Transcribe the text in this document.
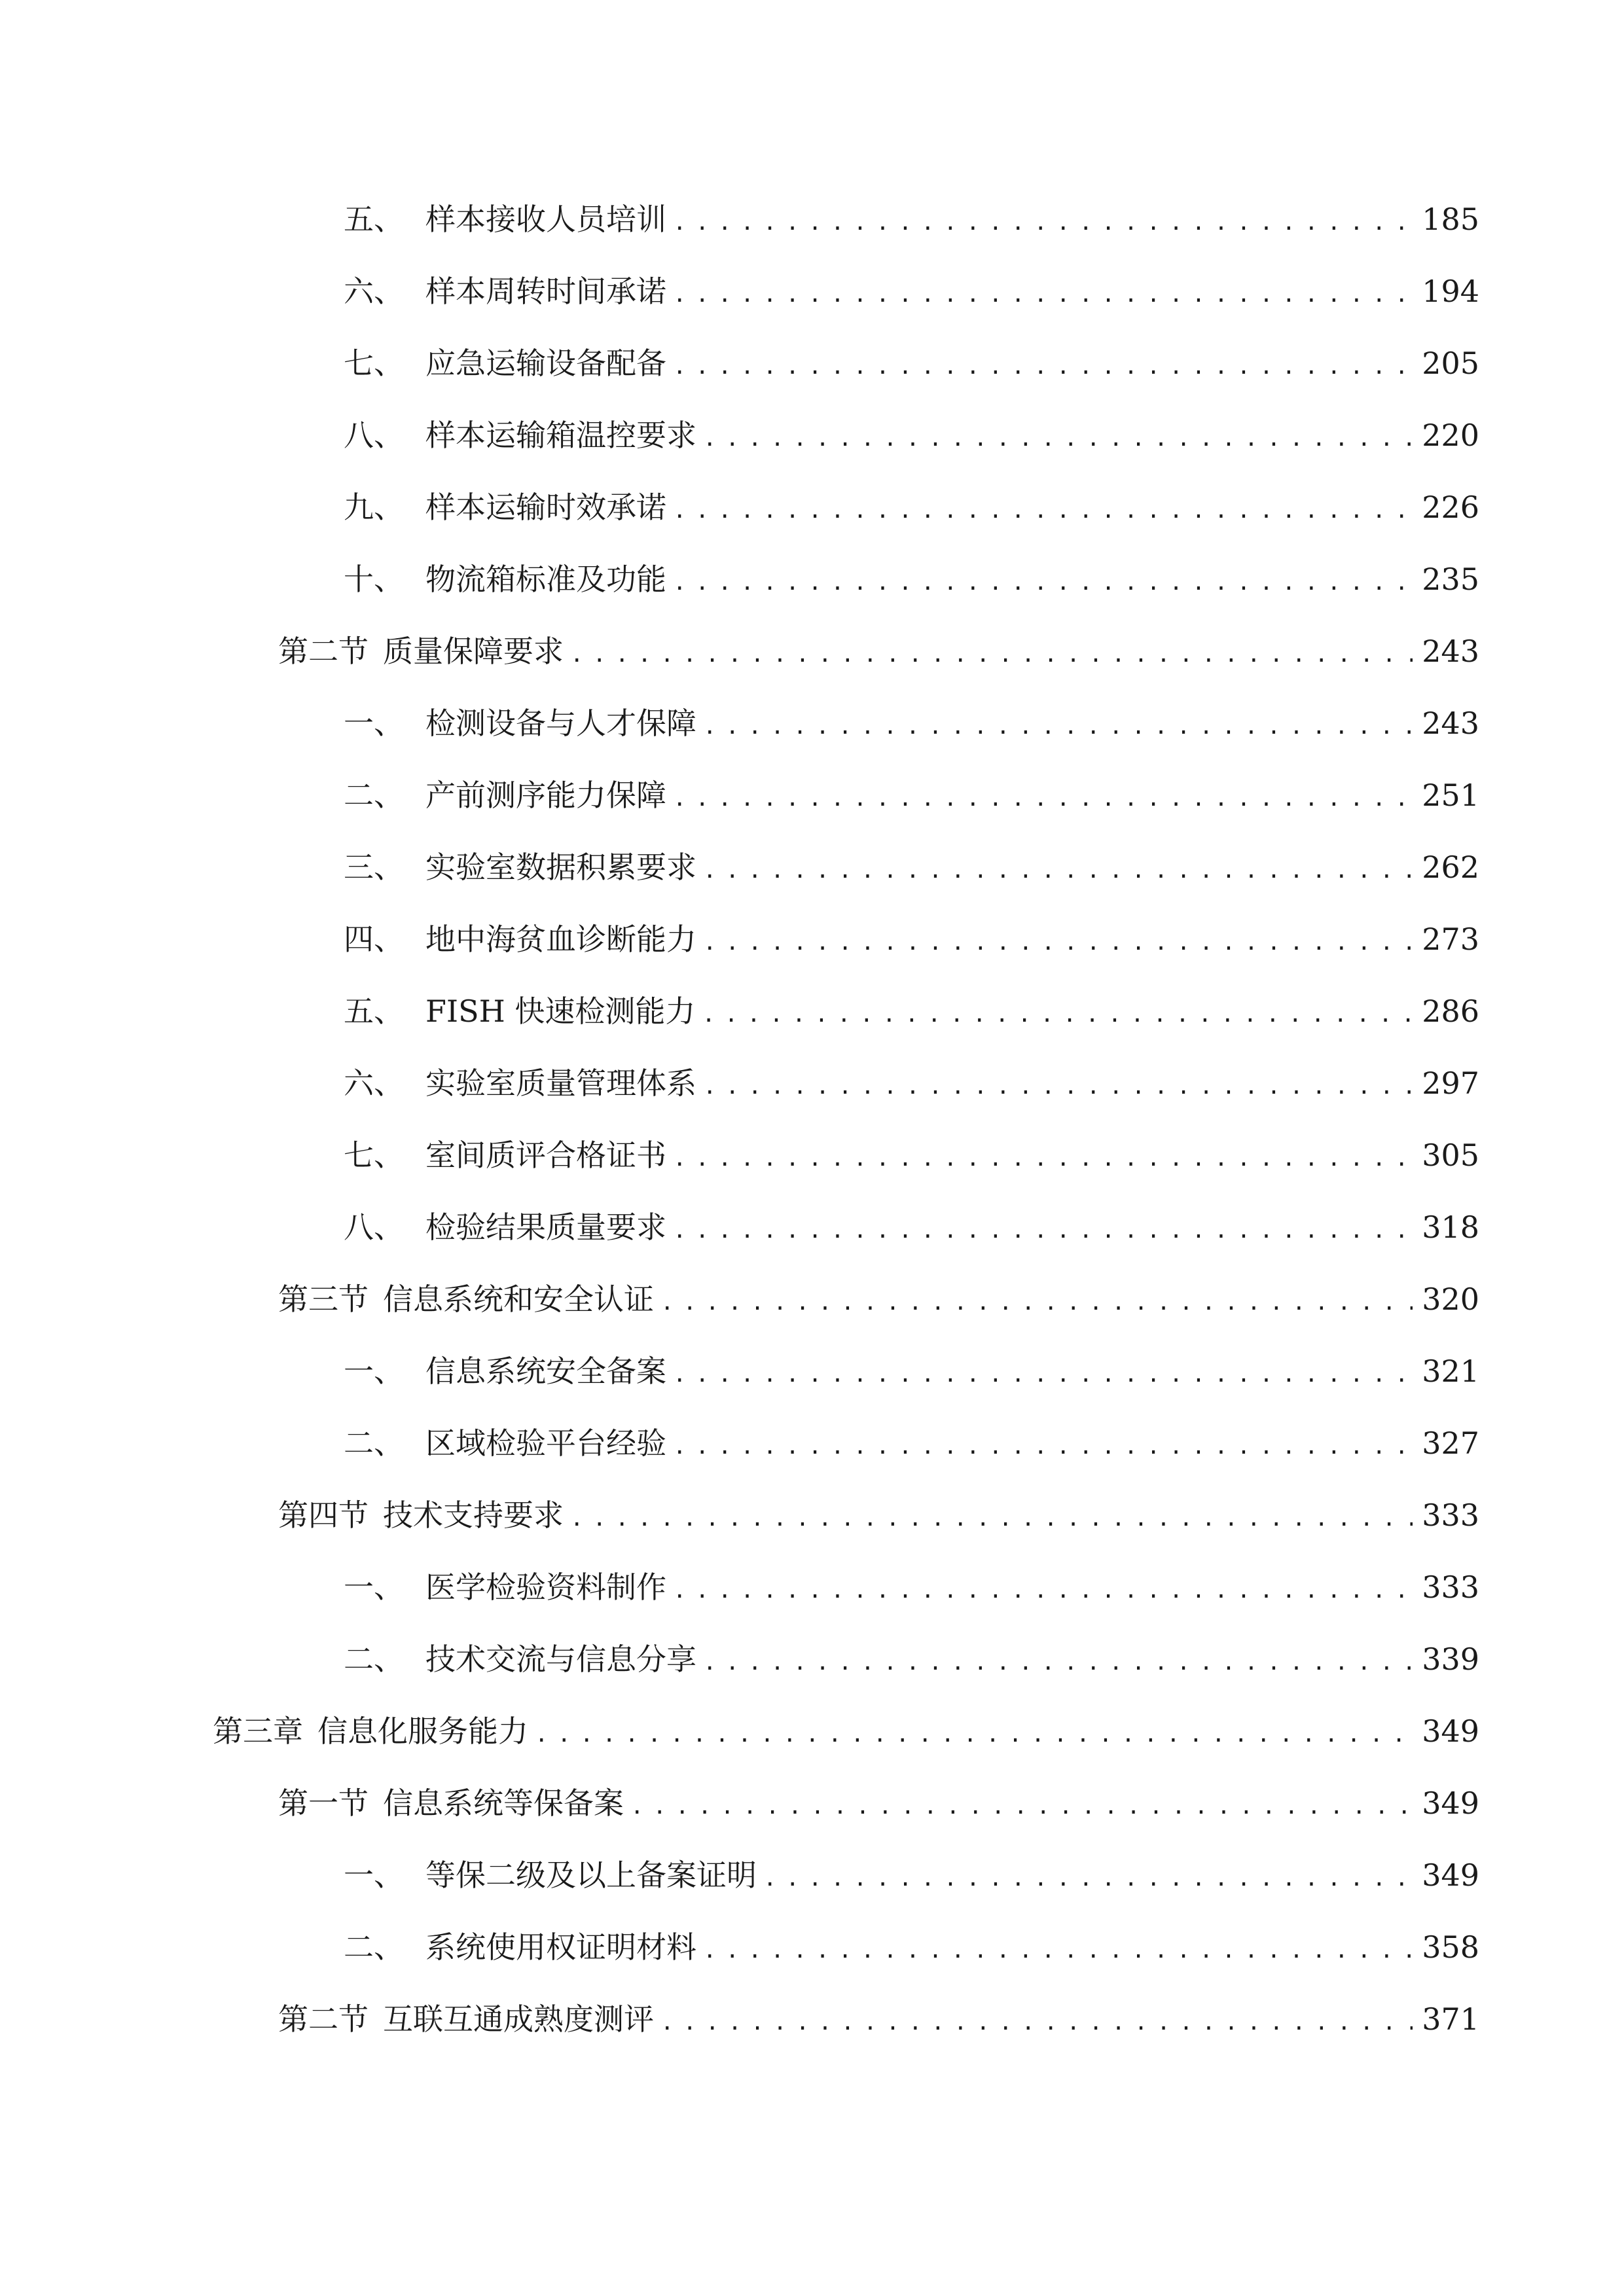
五、 样本接收人员培训 .....	185
六、 样本周转时间承诺 .....	194
七、 应急运输设备配备 .....	205
八、 样本运输箱温控要求 .....	220
九、 样本运输时效承诺 .....	226
十、 物流箱标准及功能 .....	235
第二节 质量保障要求 .....	243
一、 检测设备与人才保障 .....	243
二、 产前测序能力保障 .....	251
三、 实验室数据积累要求 .....	262
四、 地中海贫血诊断能力 .....	273
五、 FISH 快速检测能力 .....	286
六、 实验室质量管理体系 .....	297
七、 室间质评合格证书 .....	305
八、 检验结果质量要求 .....	318
第三节 信息系统和安全认证 .....	320
一、 信息系统安全备案 .....	321
二、 区域检验平台经验 .....	327
第四节 技术支持要求 .....	333
一、 医学检验资料制作 .....	333
二、 技术交流与信息分享 .....	339
第三章 信息化服务能力 .....	349
第一节 信息系统等保备案 .....	349
一、 等保二级及以上备案证明 .....	349
二、 系统使用权证明材料 .....	358
第二节 互联互通成熟度测评 .....	371
